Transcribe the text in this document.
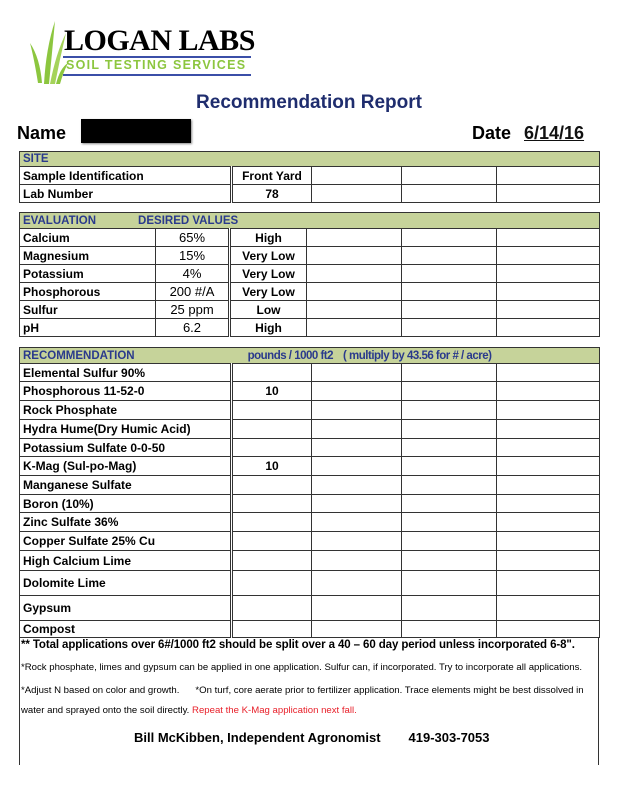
LOGAN LABS
SOIL TESTING SERVICES
Recommendation Report
Name	Date 6/14/16
SITE				
Sample Identification	Front Yard			
Lab Number	78			
EVALUATION DESIRED VALUES					
Calcium	65%	High			
Magnesium	15%	Very Low			
Potassium	4%	Very Low			
Phosphorous	200 #/A	Very Low			
Sulfur	25 ppm	Low			
pH	6.2	High			
RECOMMENDATION pounds / 1000 ft2 ( multiply by 43.56 for # / acre)				
Elemental Sulfur 90%				
Phosphorous 11-52-0	10			
Rock Phosphate				
Hydra Hume(Dry Humic Acid)				
Potassium Sulfate 0-0-50				
K-Mag (Sul-po-Mag)	10			
Manganese Sulfate				
Boron (10%)				
Zinc Sulfate 36%				
Copper Sulfate 25% Cu				
High Calcium Lime				
Dolomite Lime				
Gypsum				
Compost				
** Total applications over 6#/1000 ft2 should be split over a 40 – 60 day period unless incorporated 6-8".
*Rock phosphate, limes and gypsum can be applied in one application. Sulfur can, if incorporated. Try to incorporate all applications.
*Adjust N based on color and growth.      *On turf, core aerate prior to fertilizer application. Trace elements might be best dissolved in water and sprayed onto the soil directly. Repeat the K-Mag application next fall.
Bill McKibben, Independent Agronomist 419-303-7053
